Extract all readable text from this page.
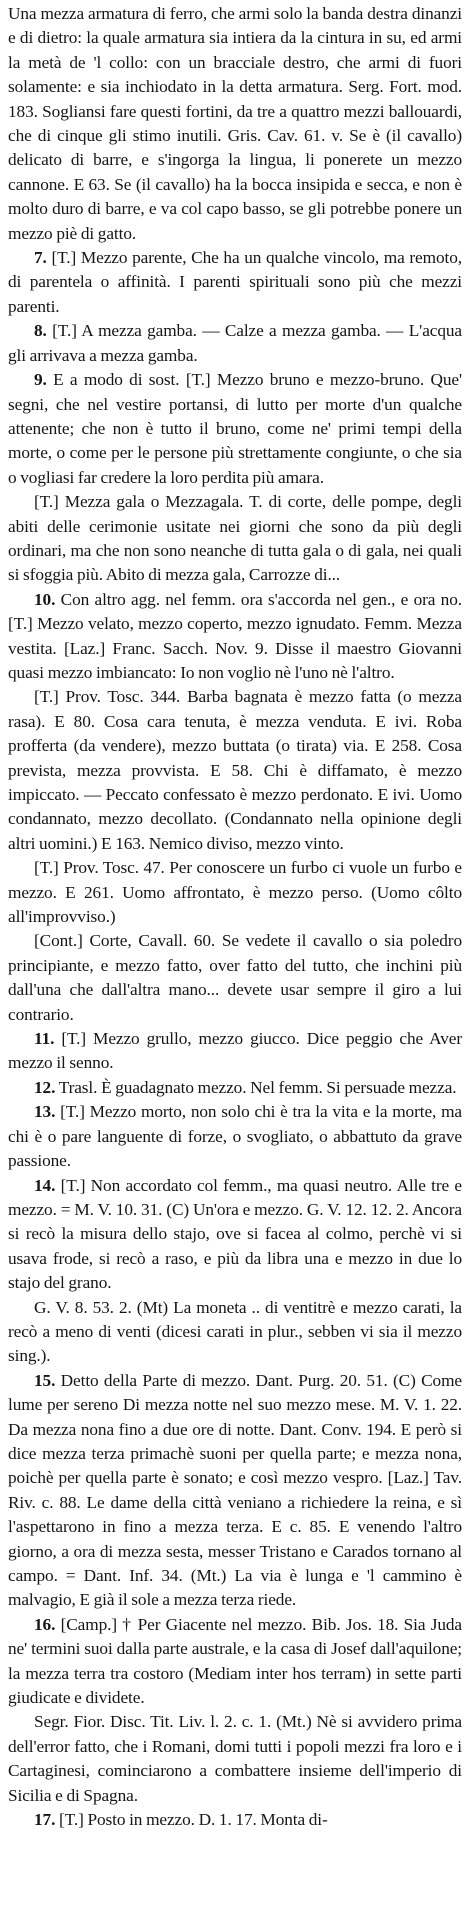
Una mezza armatura di ferro, che armi solo la banda destra dinanzi e di dietro: la quale armatura sia intiera da la cintura in su, ed armi la metà de 'l collo: con un bracciale destro, che armi di fuori solamente: e sia inchiodato in la detta armatura. Serg. Fort. mod. 183. Sogliansi fare questi fortini, da tre a quattro mezzi ballouardi, che di cinque gli stimo inutili. Gris. Cav. 61. v. Se è (il cavallo) delicato di barre, e s'ingorga la lingua, li ponerete un mezzo cannone. E 63. Se (il cavallo) ha la bocca insipida e secca, e non è molto duro di barre, e va col capo basso, se gli potrebbe ponere un mezzo piè di gatto.

7. [T.] Mezzo parente, Che ha un qualche vincolo, ma remoto, di parentela o affinità. I parenti spirituali sono più che mezzi parenti.

8. [T.] A mezza gamba. — Calze a mezza gamba. — L'acqua gli arrivava a mezza gamba.

9. E a modo di sost. [T.] Mezzo bruno e mezzo-bruno. Que' segni, che nel vestire portansi, di lutto per morte d'un qualche attenente; che non è tutto il bruno, come ne' primi tempi della morte, o come per le persone più strettamente congiunte, o che sia o vogliasi far credere la loro perdita più amara.

[T.] Mezza gala o Mezzagala. T. di corte, delle pompe, degli abiti delle cerimonie usitate nei giorni che sono da più degli ordinari, ma che non sono neanche di tutta gala o di gala, nei quali si sfoggia più. Abito di mezza gala, Carrozze di...

10. Con altro agg. nel femm. ora s'accorda nel gen., e ora no. [T.] Mezzo velato, mezzo coperto, mezzo ignudato. Femm. Mezza vestita. [Laz.] Franc. Sacch. Nov. 9. Disse il maestro Giovanni quasi mezzo imbiancato: Io non voglio nè l'uno nè l'altro.

[T.] Prov. Tosc. 344. Barba bagnata è mezzo fatta (o mezza rasa). E 80. Cosa cara tenuta, è mezza venduta. E ivi. Roba profferta (da vendere), mezzo buttata (o tirata) via. E 258. Cosa prevista, mezza provvista. E 58. Chi è diffamato, è mezzo impiccato. — Peccato confessato è mezzo perdonato. E ivi. Uomo condannato, mezzo decollato. (Condannato nella opinione degli altri uomini.) E 163. Nemico diviso, mezzo vinto.

[T.] Prov. Tosc. 47. Per conoscere un furbo ci vuole un furbo e mezzo. E 261. Uomo affrontato, è mezzo perso. (Uomo côlto all'improvviso.)

[Cont.] Corte, Cavall. 60. Se vedete il cavallo o sia poledro principiante, e mezzo fatto, over fatto del tutto, che inchini più dall'una che dall'altra mano... devete usar sempre il giro a lui contrario.

11. [T.] Mezzo grullo, mezzo giucco. Dice peggio che Aver mezzo il senno.

12. Trasl. È guadagnato mezzo. Nel femm. Si persuade mezza.

13. [T.] Mezzo morto, non solo chi è tra la vita e la morte, ma chi è o pare languente di forze, o svogliato, o abbattuto da grave passione.

14. [T.] Non accordato col femm., ma quasi neutro. Alle tre e mezzo. = M. V. 10. 31. (C) Un'ora e mezzo. G. V. 12. 12. 2. Ancora si recò la misura dello stajo, ove si facea al colmo, perchè vi si usava frode, si recò a raso, e più da libra una e mezzo in due lo stajo del grano.

G. V. 8. 53. 2. (Mt) La moneta .. di ventitrè e mezzo carati, la recò a meno di venti (dicesi carati in plur., sebben vi sia il mezzo sing.).

15. Detto della Parte di mezzo. Dant. Purg. 20. 51. (C) Come lume per sereno Di mezza notte nel suo mezzo mese. M. V. 1. 22. Da mezza nona fino a due ore di notte. Dant. Conv. 194. E però si dice mezza terza primachè suoni per quella parte; e mezza nona, poichè per quella parte è sonato; e così mezzo vespro. [Laz.] Tav. Riv. c. 88. Le dame della città veniano a richiedere la reina, e sì l'aspettarono in fino a mezza terza. E c. 85. E venendo l'altro giorno, a ora di mezza sesta, messer Tristano e Carados tornano al campo. = Dant. Inf. 34. (Mt.) La via è lunga e 'l cammino è malvagio, E già il sole a mezza terza riede.

16. [Camp.] † Per Giacente nel mezzo. Bib. Jos. 18. Sia Juda ne' termini suoi dalla parte australe, e la casa di Josef dall'aquilone; la mezza terra tra costoro (Mediam inter hos terram) in sette parti giudicate e dividete.

Segr. Fior. Disc. Tit. Liv. l. 2. c. 1. (Mt.) Nè si avvidero prima dell'error fatto, che i Romani, domi tutti i popoli mezzi fra loro e i Cartaginesi, cominciarono a combattere insieme dell'imperio di Sicilia e di Spagna.

17. [T.] Posto in mezzo. D. 1. 17. Monta di-
